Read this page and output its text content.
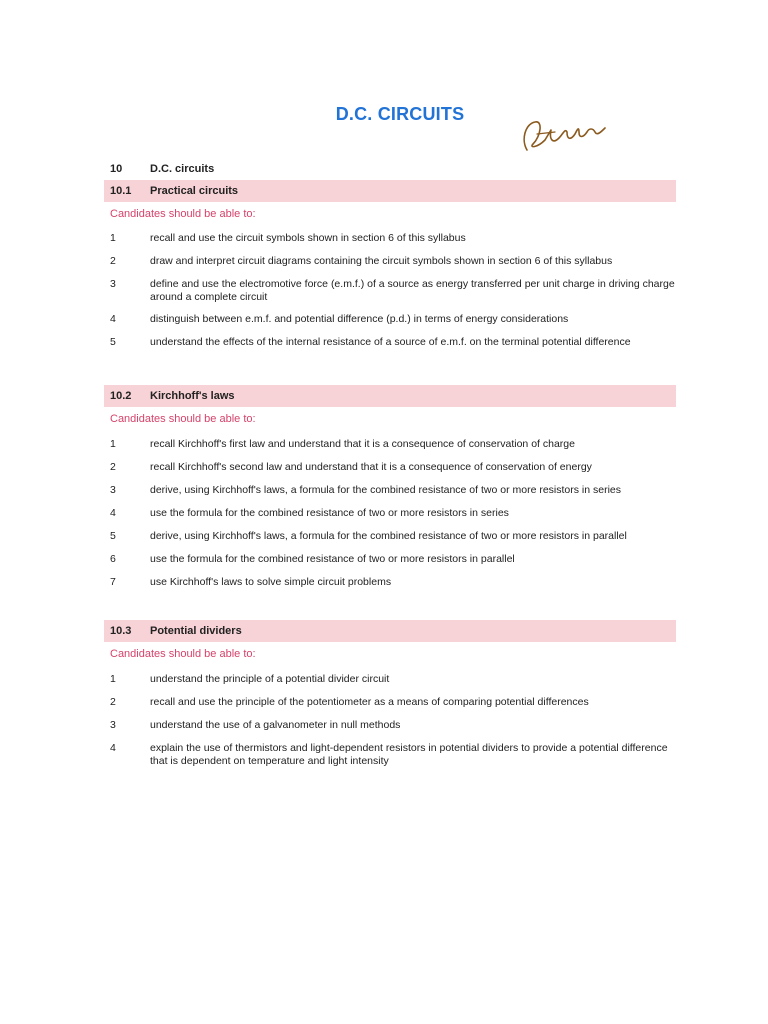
D.C. CIRCUITS
10	D.C. circuits
10.1 Practical circuits
Candidates should be able to:
1	recall and use the circuit symbols shown in section 6 of this syllabus
2	draw and interpret circuit diagrams containing the circuit symbols shown in section 6 of this syllabus
3	define and use the electromotive force (e.m.f.) of a source as energy transferred per unit charge in driving charge around a complete circuit
4	distinguish between e.m.f. and potential difference (p.d.) in terms of energy considerations
5	understand the effects of the internal resistance of a source of e.m.f. on the terminal potential difference
10.2 Kirchhoff's laws
Candidates should be able to:
1	recall Kirchhoff's first law and understand that it is a consequence of conservation of charge
2	recall Kirchhoff's second law and understand that it is a consequence of conservation of energy
3	derive, using Kirchhoff's laws, a formula for the combined resistance of two or more resistors in series
4	use the formula for the combined resistance of two or more resistors in series
5	derive, using Kirchhoff's laws, a formula for the combined resistance of two or more resistors in parallel
6	use the formula for the combined resistance of two or more resistors in parallel
7	use Kirchhoff's laws to solve simple circuit problems
10.3 Potential dividers
Candidates should be able to:
1	understand the principle of a potential divider circuit
2	recall and use the principle of the potentiometer as a means of comparing potential differences
3	understand the use of a galvanometer in null methods
4	explain the use of thermistors and light-dependent resistors in potential dividers to provide a potential difference that is dependent on temperature and light intensity
